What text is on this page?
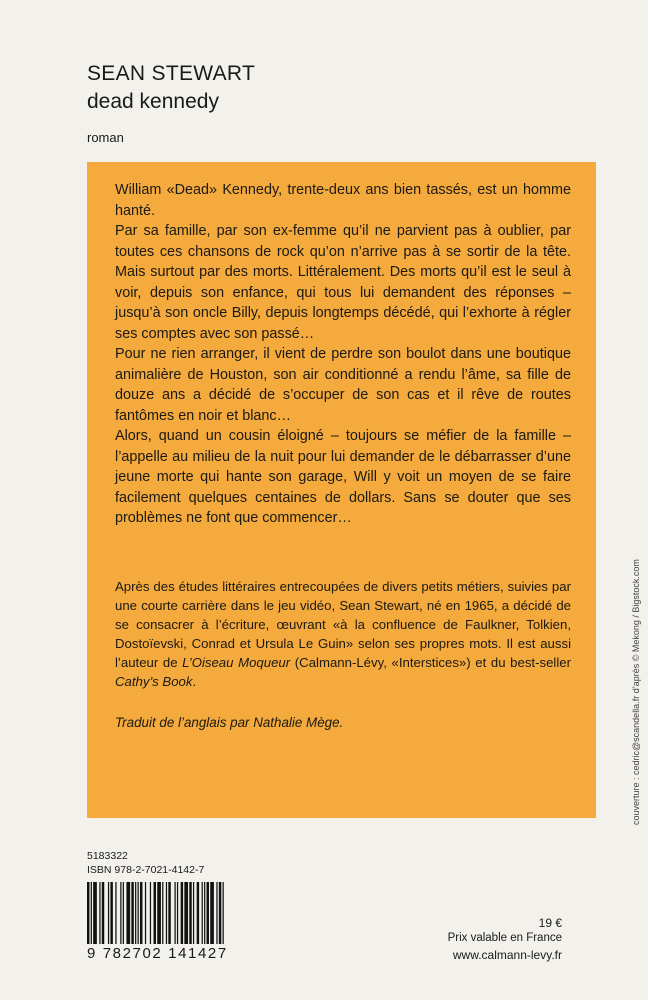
SEAN STEWART
dead kennedy
roman

William «Dead» Kennedy, trente-deux ans bien tassés, est un homme hanté.

Par sa famille, par son ex-femme qu’il ne parvient pas à oublier, par toutes ces chansons de rock qu’on n’arrive pas à se sortir de la tête. Mais surtout par des morts. Littéralement. Des morts qu’il est le seul à voir, depuis son enfance, qui tous lui demandent des réponses – jusqu’à son oncle Billy, depuis longtemps décédé, qui l’exhorte à régler ses comptes avec son passé…

Pour ne rien arranger, il vient de perdre son boulot dans une boutique animalière de Houston, son air conditionné a rendu l’âme, sa fille de douze ans a décidé de s’occuper de son cas et il rêve de routes fantômes en noir et blanc…

Alors, quand un cousin éloigné – toujours se méfier de la famille – l’appelle au milieu de la nuit pour lui demander de le débarrasser d’une jeune morte qui hante son garage, Will y voit un moyen de se faire facilement quelques centaines de dollars. Sans se douter que ses problèmes ne font que commencer…

Après des études littéraires entrecoupées de divers petits métiers, suivies par une courte carrière dans le jeu vidéo, Sean Stewart, né en 1965, a décidé de se consacrer à l’écriture, œuvrant «à la confluence de Faulkner, Tolkien, Dostoïevski, Conrad et Ursula Le Guin» selon ses propres mots. Il est aussi l’auteur de L’Oiseau Moqueur (Calmann-Lévy, «Interstices») et du best-seller Cathy’s Book.

Traduit de l’anglais par Nathalie Mège.	couverture : cedric@scandella.fr d’après © Mekong / Bigstock.com
5183322
ISBN 978-2-7021-4142-7
9 782702 141427
19 €
Prix valable en France
www.calmann-levy.fr
